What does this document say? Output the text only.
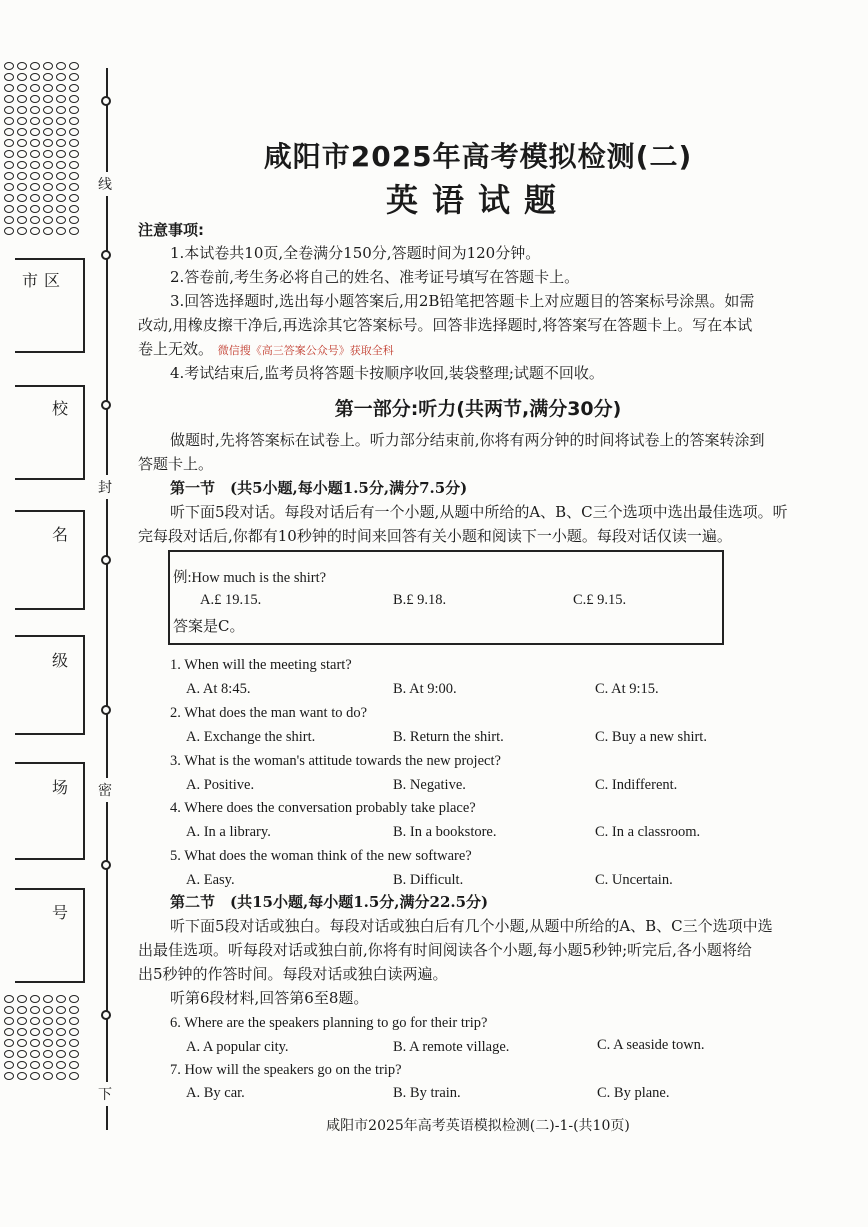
线
封
密
下
市区
校
名
级
场
号
咸阳市2025年高考模拟检测(二)
英语试题
注意事项:
1.本试卷共10页,全卷满分150分,答题时间为120分钟。
2.答卷前,考生务必将自己的姓名、准考证号填写在答题卡上。
3.回答选择题时,选出每小题答案后,用2B铅笔把答题卡上对应题目的答案标号涂黑。如需
改动,用橡皮擦干净后,再选涂其它答案标号。回答非选择题时,将答案写在答题卡上。写在本试
卷上无效。 微信搜《高三答案公众号》获取全科
4.考试结束后,监考员将答题卡按顺序收回,装袋整理;试题不回收。
第一部分:听力(共两节,满分30分)
做题时,先将答案标在试卷上。听力部分结束前,你将有两分钟的时间将试卷上的答案转涂到
答题卡上。
第一节　(共5小题,每小题1.5分,满分7.5分)
听下面5段对话。每段对话后有一个小题,从题中所给的A、B、C三个选项中选出最佳选项。听
完每段对话后,你都有10秒钟的时间来回答有关小题和阅读下一小题。每段对话仅读一遍。
例:How much is the shirt?
A.£ 19.15.	B.£ 9.18.	C.£ 9.15.
答案是C。
1. When will the meeting start?
A. At 8:45.	B. At 9:00.	C. At 9:15.
2. What does the man want to do?
A. Exchange the shirt.	B. Return the shirt.	C. Buy a new shirt.
3. What is the woman's attitude towards the new project?
A. Positive.	B. Negative.	C. Indifferent.
4. Where does the conversation probably take place?
A. In a library.	B. In a bookstore.	C. In a classroom.
5. What does the woman think of the new software?
A. Easy.	B. Difficult.	C. Uncertain.
第二节　(共15小题,每小题1.5分,满分22.5分)
听下面5段对话或独白。每段对话或独白后有几个小题,从题中所给的A、B、C三个选项中选
出最佳选项。听每段对话或独白前,你将有时间阅读各个小题,每小题5秒钟;听完后,各小题将给
出5秒钟的作答时间。每段对话或独白读两遍。
听第6段材料,回答第6至8题。
6. Where are the speakers planning to go for their trip?
A. A popular city.	B. A remote village.	C. A seaside town.
7. How will the speakers go on the trip?
A. By car.	B. By train.	C. By plane.
咸阳市2025年高考英语模拟检测(二)-1-(共10页)
